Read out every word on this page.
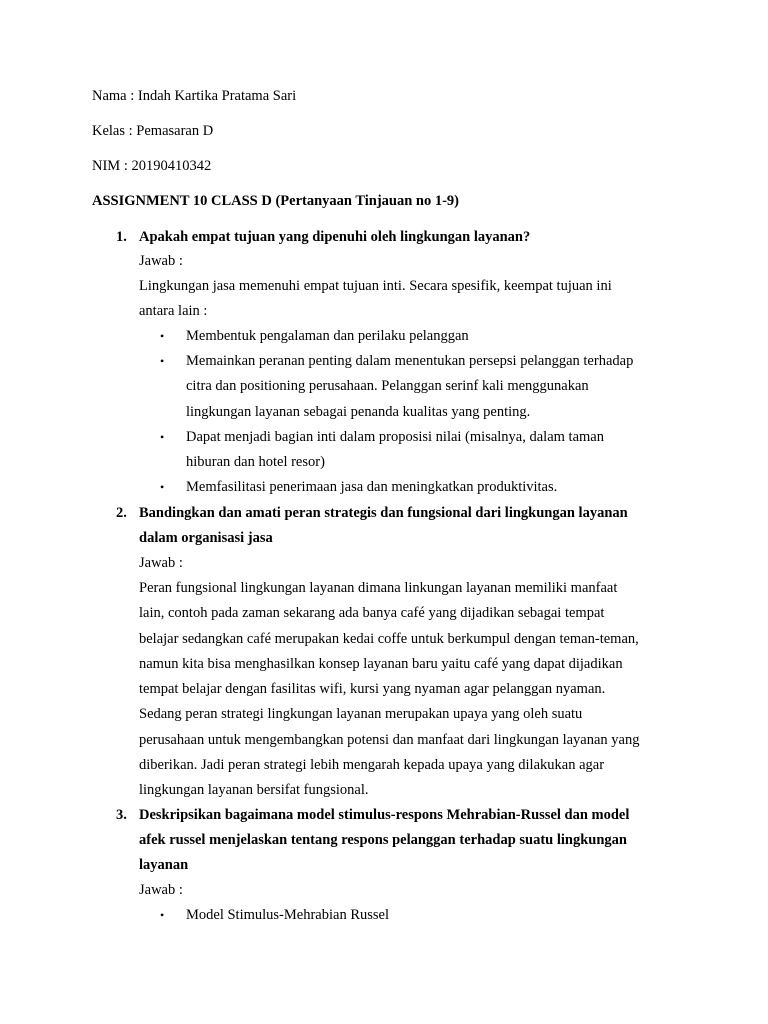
Nama : Indah Kartika Pratama Sari
Kelas : Pemasaran D
NIM : 20190410342
ASSIGNMENT 10 CLASS D (Pertanyaan Tinjauan no 1-9)
1. Apakah empat tujuan yang dipenuhi oleh lingkungan layanan?
Jawab :
Lingkungan jasa memenuhi empat tujuan inti. Secara spesifik, keempat tujuan ini
antara lain :
• Membentuk pengalaman dan perilaku pelanggan
• Memainkan peranan penting dalam menentukan persepsi pelanggan terhadap
citra dan positioning perusahaan. Pelanggan serinf kali menggunakan
lingkungan layanan sebagai penanda kualitas yang penting.
• Dapat menjadi bagian inti dalam proposisi nilai (misalnya, dalam taman
hiburan dan hotel resor)
• Memfasilitasi penerimaan jasa dan meningkatkan produktivitas.
2. Bandingkan dan amati peran strategis dan fungsional dari lingkungan layanan
dalam organisasi jasa
Jawab :
Peran fungsional lingkungan layanan dimana linkungan layanan memiliki manfaat
lain, contoh pada zaman sekarang ada banya café yang dijadikan sebagai tempat
belajar sedangkan café merupakan kedai coffe untuk berkumpul dengan teman-teman,
namun kita bisa menghasilkan konsep layanan baru yaitu café yang dapat dijadikan
tempat belajar dengan fasilitas wifi, kursi yang nyaman agar pelanggan nyaman.
Sedang peran strategi lingkungan layanan merupakan upaya yang oleh suatu
perusahaan untuk mengembangkan potensi dan manfaat dari lingkungan layanan yang
diberikan. Jadi peran strategi lebih mengarah kepada upaya yang dilakukan agar
lingkungan layanan bersifat fungsional.
3. Deskripsikan bagaimana model stimulus-respons Mehrabian-Russel dan model
afek russel menjelaskan tentang respons pelanggan terhadap suatu lingkungan
layanan
Jawab :
• Model Stimulus-Mehrabian Russel
